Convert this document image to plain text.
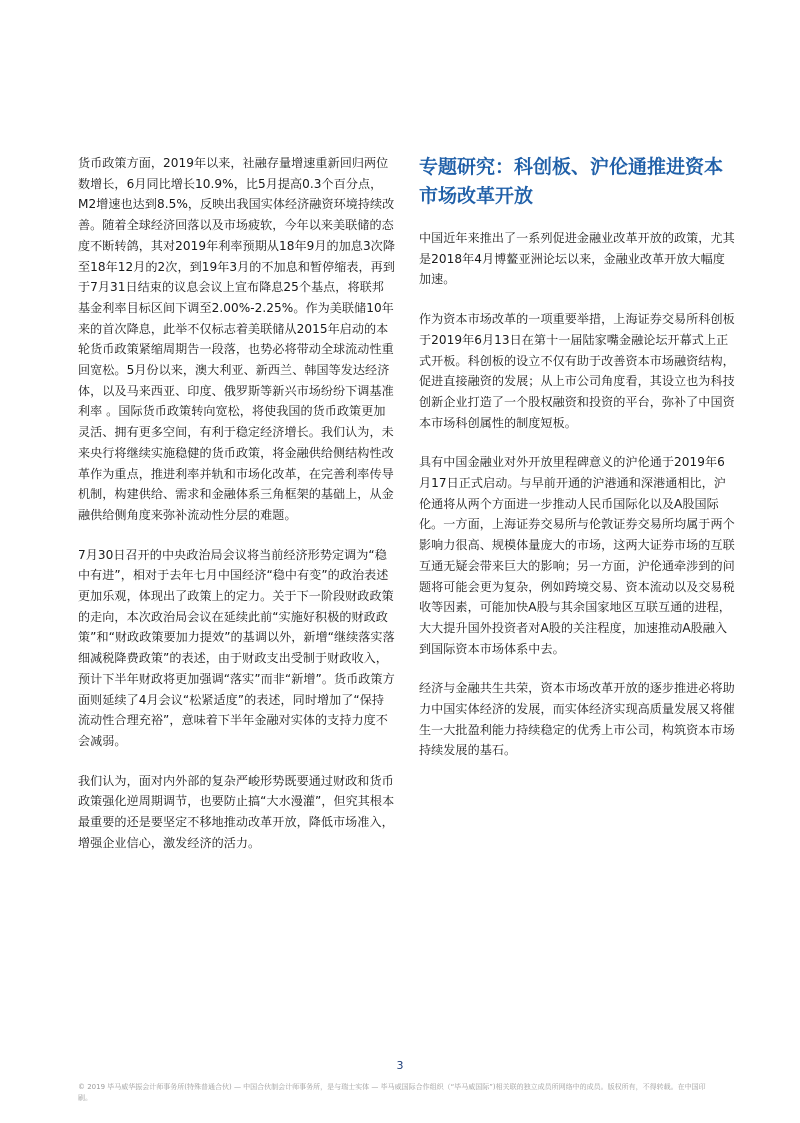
货币政策方面，2019年以来，社融存量增速重新回归两位数增长，6月同比增长10.9%，比5月提高0.3个百分点，M2增速也达到8.5%，反映出我国实体经济融资环境持续改善。随着全球经济回落以及市场疲软，今年以来美联储的态度不断转鸽，其对2019年利率预期从18年9月的加息3次降至18年12月的2次，到19年3月的不加息和暂停缩表，再到于7月31日结束的议息会议上宣布降息25个基点，将联邦基金利率目标区间下调至2.00%-2.25%。作为美联储10年来的首次降息，此举不仅标志着美联储从2015年启动的本轮货币政策紧缩周期告一段落，也势必将带动全球流动性重回宽松。5月份以来，澳大利亚、新西兰、韩国等发达经济体，以及马来西亚、印度、俄罗斯等新兴市场纷纷下调基准利率 。国际货币政策转向宽松，将使我国的货币政策更加灵活、拥有更多空间，有利于稳定经济增长。我们认为，未来央行将继续实施稳健的货币政策，将金融供给侧结构性改革作为重点，推进利率并轨和市场化改革，在完善利率传导机制，构建供给、需求和金融体系三角框架的基础上，从金融供给侧角度来弥补流动性分层的难题。

7月30日召开的中央政治局会议将当前经济形势定调为“稳中有进”，相对于去年七月中国经济“稳中有变”的政治表述更加乐观，体现出了政策上的定力。关于下一阶段财政政策的走向，本次政治局会议在延续此前“实施好积极的财政政策”和“财政政策要加力提效”的基调以外，新增“继续落实落细减税降费政策”的表述，由于财政支出受制于财政收入，预计下半年财政将更加强调“落实”而非“新增”。货币政策方面则延续了4月会议“松紧适度”的表述，同时增加了“保持流动性合理充裕”，意味着下半年金融对实体的支持力度不会减弱。

我们认为，面对内外部的复杂严峻形势既要通过财政和货币政策强化逆周期调节，也要防止搞“大水漫灌”，但究其根本最重要的还是要坚定不移地推动改革开放，降低市场准入，增强企业信心，激发经济的活力。

专题研究：科创板、沪伦通推进资本市场改革开放

中国近年来推出了一系列促进金融业改革开放的政策，尤其是2018年4月博鳌亚洲论坛以来，金融业改革开放大幅度加速。

作为资本市场改革的一项重要举措，上海证券交易所科创板于2019年6月13日在第十一届陆家嘴金融论坛开幕式上正式开板。科创板的设立不仅有助于改善资本市场融资结构，促进直接融资的发展；从上市公司角度看，其设立也为科技创新企业打造了一个股权融资和投资的平台，弥补了中国资本市场科创属性的制度短板。

具有中国金融业对外开放里程碑意义的沪伦通于2019年6月17日正式启动。与早前开通的沪港通和深港通相比，沪伦通将从两个方面进一步推动人民币国际化以及A股国际化。一方面，上海证券交易所与伦敦证券交易所均属于两个影响力很高、规模体量庞大的市场，这两大证券市场的互联互通无疑会带来巨大的影响；另一方面，沪伦通牵涉到的问题将可能会更为复杂，例如跨境交易、资本流动以及交易税收等因素，可能加快A股与其余国家地区互联互通的进程，大大提升国外投资者对A股的关注程度，加速推动A股融入到国际资本市场体系中去。

经济与金融共生共荣，资本市场改革开放的逐步推进必将助力中国实体经济的发展，而实体经济实现高质量发展又将催生一大批盈利能力持续稳定的优秀上市公司，构筑资本市场持续发展的基石。

3
© 2019 毕马威华振会计师事务所(特殊普通合伙) — 中国合伙制会计师事务所，是与瑞士实体 — 毕马威国际合作组织（“毕马威国际”)相关联的独立成员所网络中的成员。版权所有，不得转载。在中国印刷。
